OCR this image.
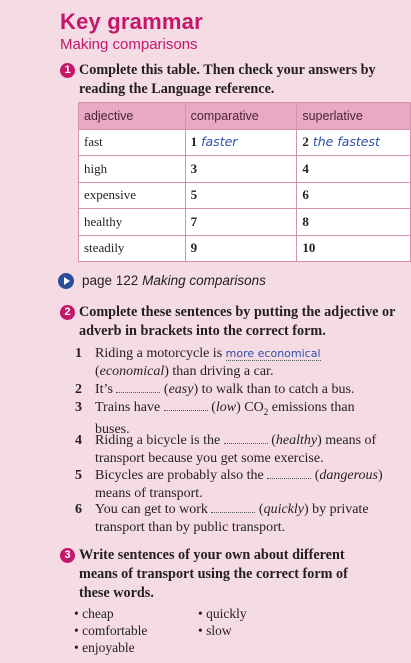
Key grammar
Making comparisons
1 Complete this table. Then check your answers by reading the Language reference.
adjective	comparative	superlative
fast	1 faster	2 the fastest
high	3	4
expensive	5	6
healthy	7	8
steadily	9	10
page 122 Making comparisons
2 Complete these sentences by putting the adjective or adverb in brackets into the correct form.
1 Riding a motorcycle is more economical (economical) than driving a car.
2 It’s	(easy) to walk than to catch a bus.
3 Trains have	(low) $CO_2$ emissions than buses.
4 Riding a bicycle is the	(healthy) means of transport because you get some exercise.
5 Bicycles are probably also the	(dangerous) means of transport.
6 You can get to work	(quickly) by private transport than by public transport.
3 Write sentences of your own about different means of transport using the correct form of these words.
• cheap
• comfortable
• enjoyable
• quickly
• slow
